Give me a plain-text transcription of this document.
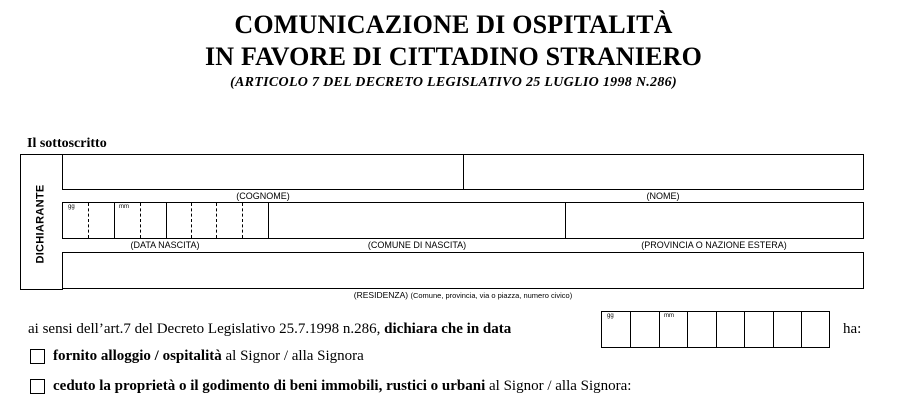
COMUNICAZIONE DI OSPITALITÀ
IN FAVORE DI CITTADINO STRANIERO
(ARTICOLO 7 DEL DECRETO LEGISLATIVO 25 LUGLIO 1998 N.286)
Il sottoscritto
DICHIARANTE	(COGNOME)	(NOME)
gg	mm
(DATA NASCITA)	(COMUNE DI NASCITA)	(PROVINCIA O NAZIONE ESTERA)
(RESIDENZA) (Comune, provincia, via o piazza, numero civico)
ai sensi dell’art.7 del Decreto Legislativo 25.7.1998 n.286, dichiara che in data
gg	mm
ha:
fornito alloggio / ospitalità al Signor / alla Signora
ceduto la proprietà o il godimento di beni immobili, rustici o urbani al Signor / alla Signora:
